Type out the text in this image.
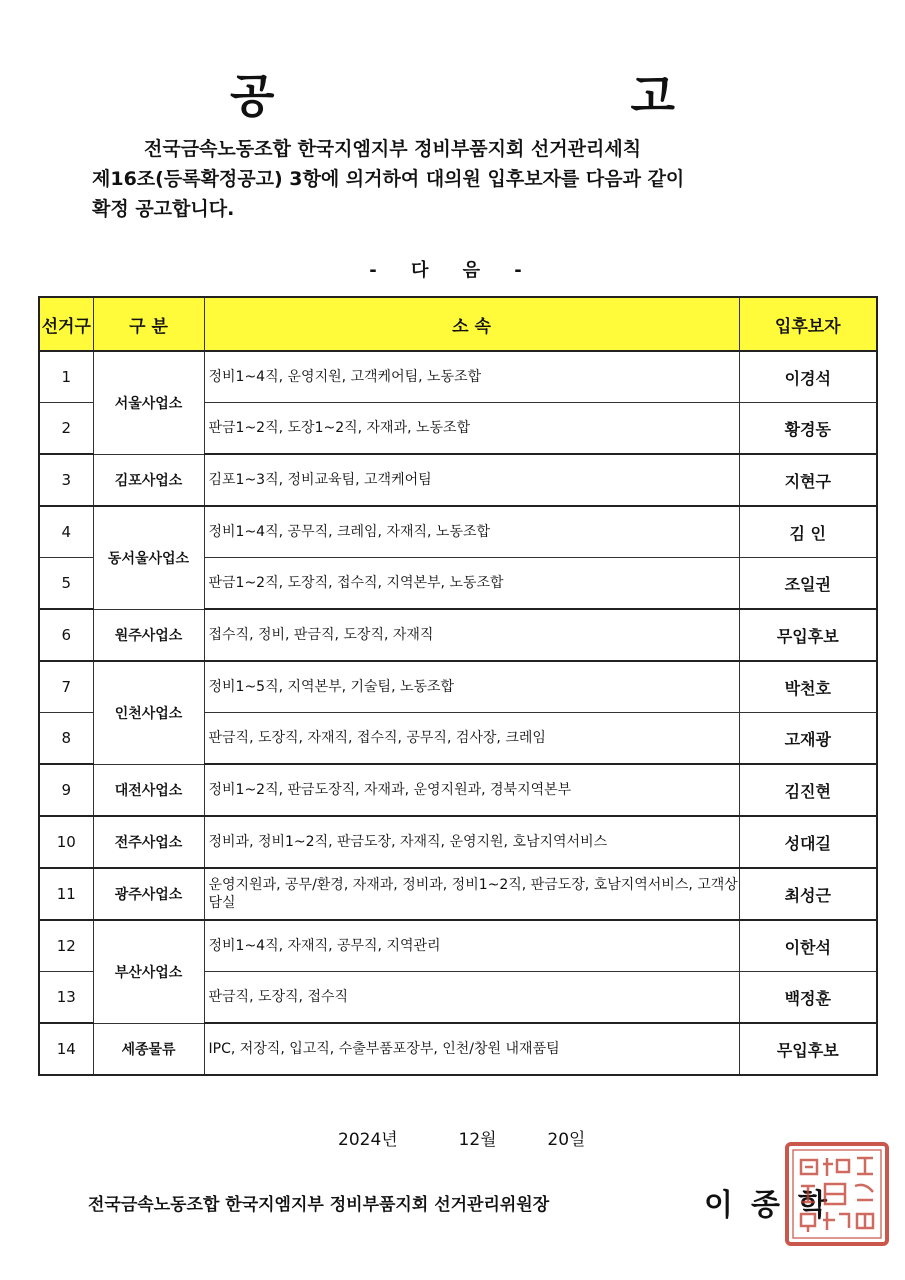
공 고
전국금속노동조합 한국지엠지부 정비부품지회 선거관리세칙
제16조(등록확정공고) 3항에 의거하여 대의원 입후보자를 다음과 같이
확정 공고합니다.
- 다 음 -
선거구	구 분	소 속	입후보자
1	서울사업소	정비1~4직, 운영지원, 고객케어팀, 노동조합	이경석
2		판금1~2직, 도장1~2직, 자재과, 노동조합	황경동
3	김포사업소	김포1~3직, 정비교육팀, 고객케어팀	지현구
4	동서울사업소	정비1~4직, 공무직, 크레임, 자재직, 노동조합	김 인
5		판금1~2직, 도장직, 접수직, 지역본부, 노동조합	조일권
6	원주사업소	접수직, 정비, 판금직, 도장직, 자재직	무입후보
7	인천사업소	정비1~5직, 지역본부, 기술팀, 노동조합	박천호
8		판금직, 도장직, 자재직, 접수직, 공무직, 검사장, 크레임	고재광
9	대전사업소	정비1~2직, 판금도장직, 자재과, 운영지원과, 경북지역본부	김진현
10	전주사업소	정비과, 정비1~2직, 판금도장, 자재직, 운영지원, 호남지역서비스	성대길
11	광주사업소	운영지원과, 공무/환경, 자재과, 정비과, 정비1~2직, 판금도장, 호남지역서비스, 고객상담실	최성근
12	부산사업소	정비1~4직, 자재직, 공무직, 지역관리	이한석
13		판금직, 도장직, 접수직	백정훈
14	세종물류	IPC, 저장직, 입고직, 수출부품포장부, 인천/창원 내재품팀	무입후보
2024년	12월	20일
전국금속노동조합 한국지엠지부 정비부품지회 선거관리위원장	이종학
